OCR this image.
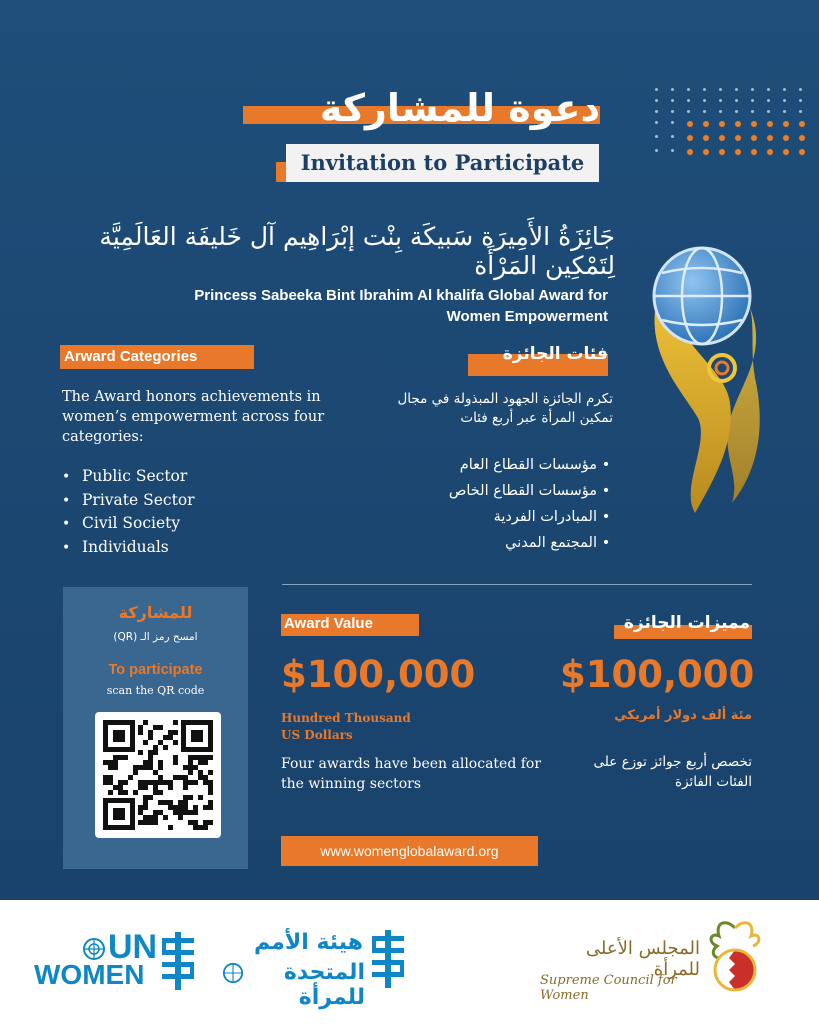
دعوة للمشاركة
Invitation to Participate
جَائِزَةُ الأَمِيرَة سَبيكَة بِنْت إبْرَاهِيم آل خَليفَة العَالَمِيَّة لِتَمْكِين المَرْأَة
Princess Sabeeka Bint Ibrahim Al khalifa Global Award for
Women Empowerment
Arward Categories
The Award honors achievements in women’s empowerment across four categories:
• Public Sector
• Private Sector
• Civil Society
• Individuals
فئات الجائزة
تكرم الجائزة الجهود المبذولة في مجال
تمكين المرأة عبر أربع فئات
• مؤسسات القطاع العام
• مؤسسات القطاع الخاص
• المبادرات الفردية
• المجتمع المدني
للمشاركة
امسح رمز الـ (QR)
To participate
scan the QR code
Award Value
$100,000
Hundred Thousand
US Dollars
Four awards have been allocated for the winning sectors
مميزات الجائزة
$100,000
مئة ألف دولار أمريكي
تخصص أربع جوائز توزع على
الفئات الفائزة
www.womenglobalaward.org
UN
WOMEN
هيئة الأمم
المتحدة للمرأة
المجلس الأعلى للمرأة
Supreme Council for Women
